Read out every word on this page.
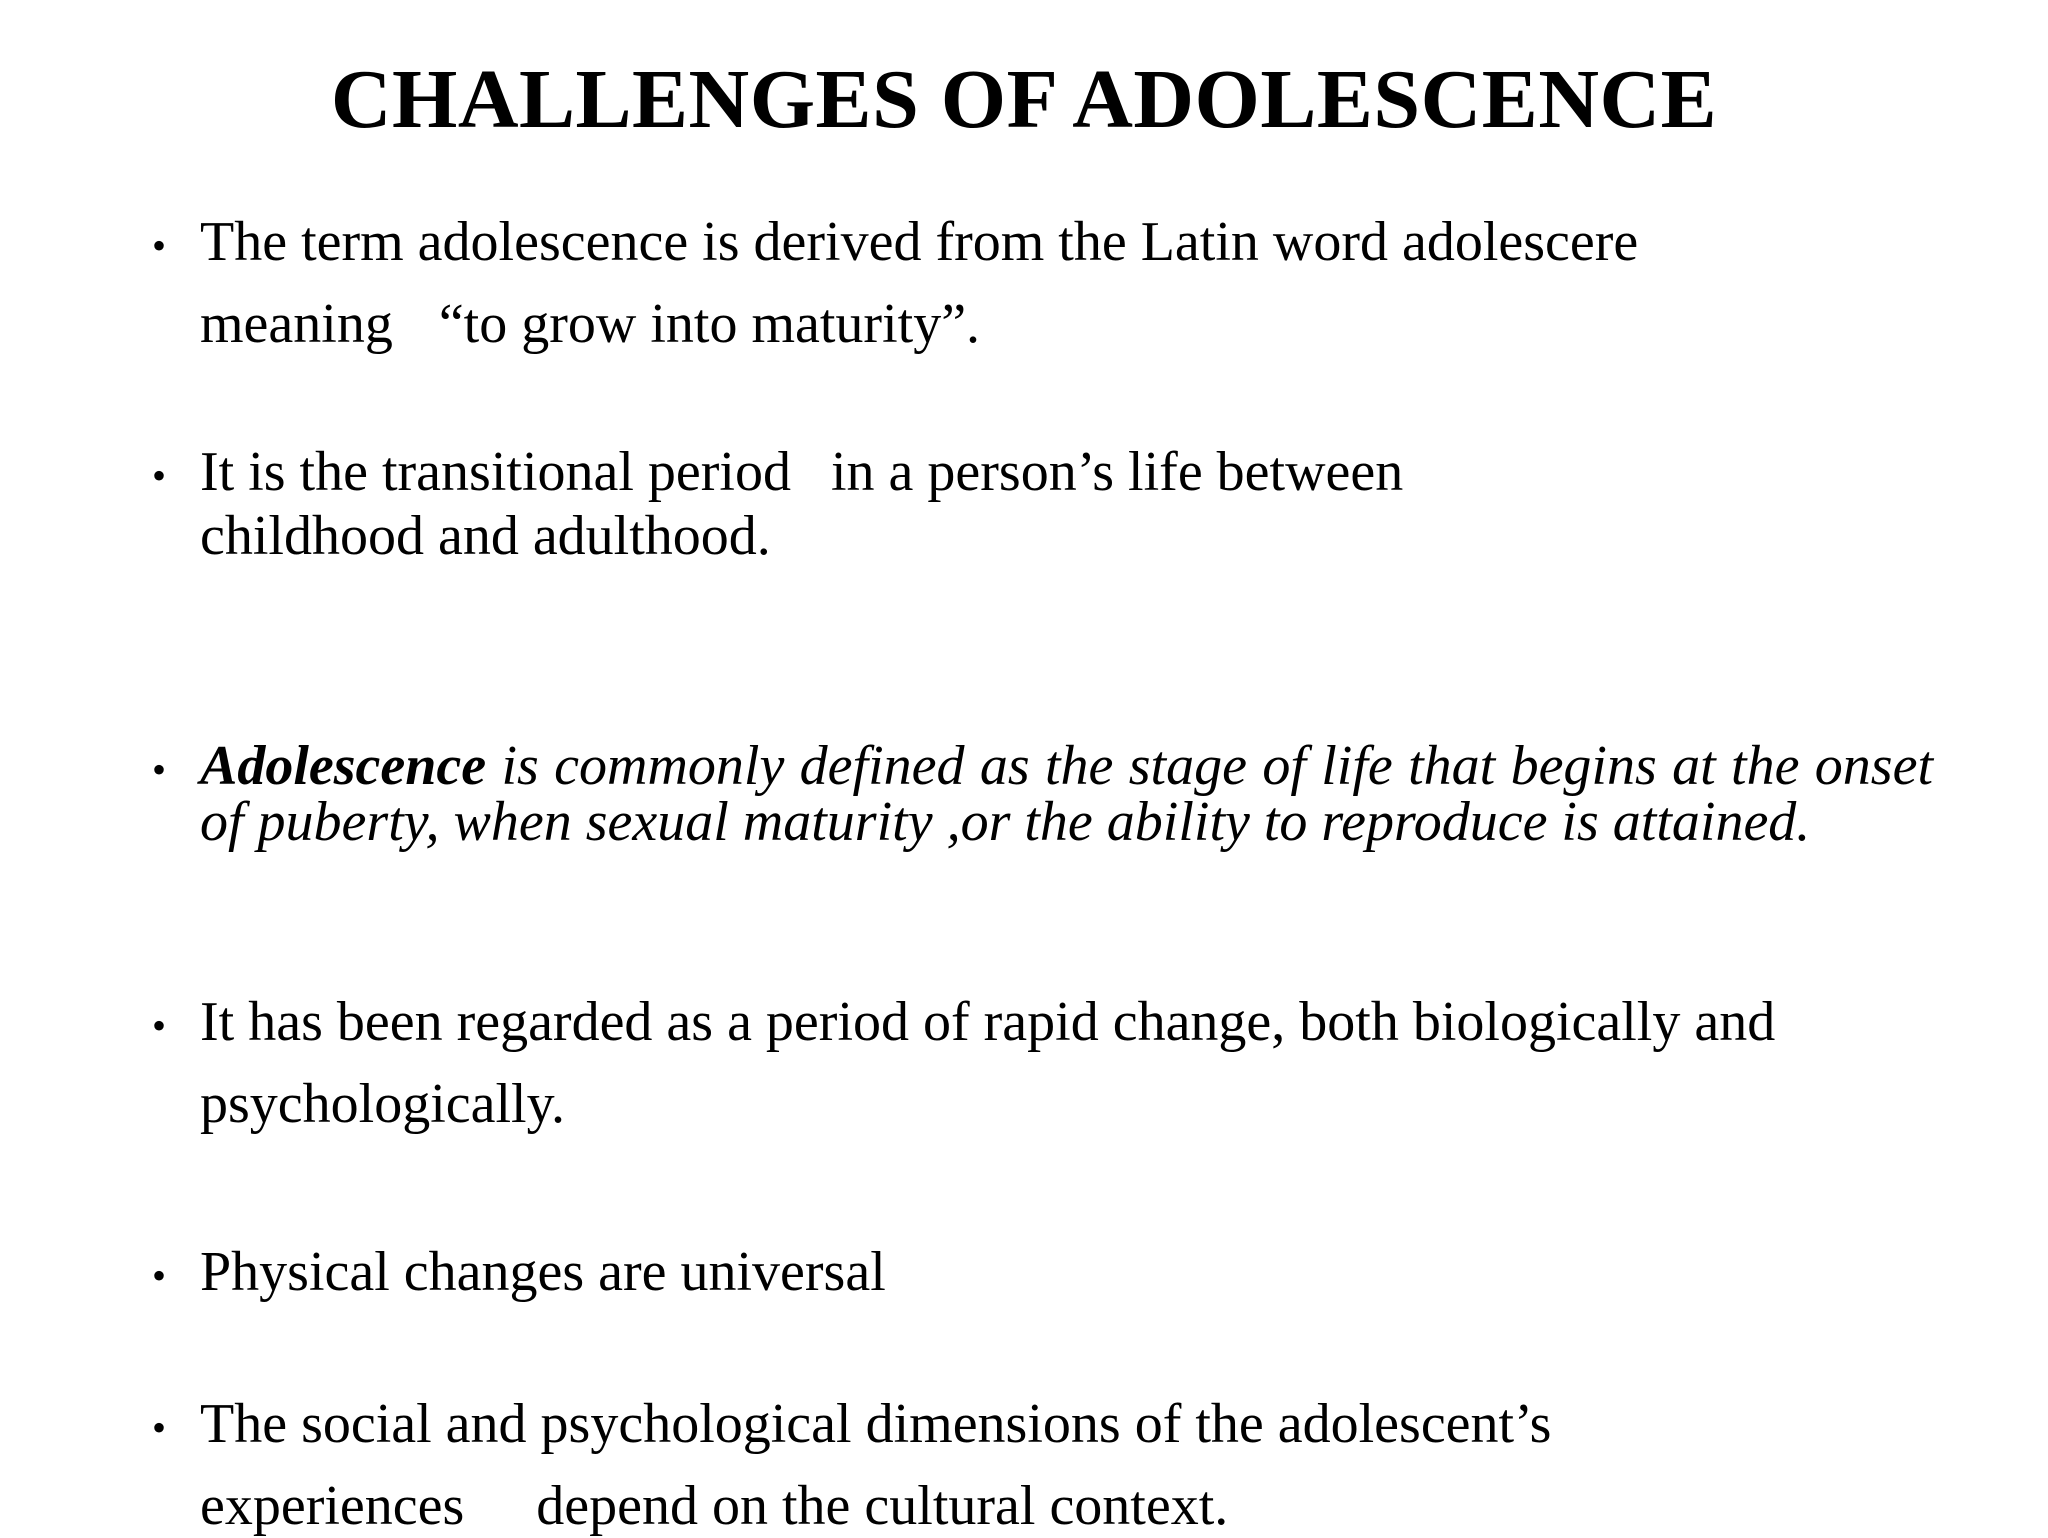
CHALLENGES OF ADOLESCENCE
• The term adolescence is derived from the Latin word adolescere
meaning “to grow into maturity”.
• It is the transitional period in a person’s life between
childhood and adulthood.
• Adolescence is commonly defined as the stage of life that begins at the onset of puberty, when sexual maturity ,or the ability to reproduce is attained.
• It has been regarded as a period of rapid change, both biologically and
psychologically.
• Physical changes are universal
• The social and psychological dimensions of the adolescent’s
experiences depend on the cultural context.
